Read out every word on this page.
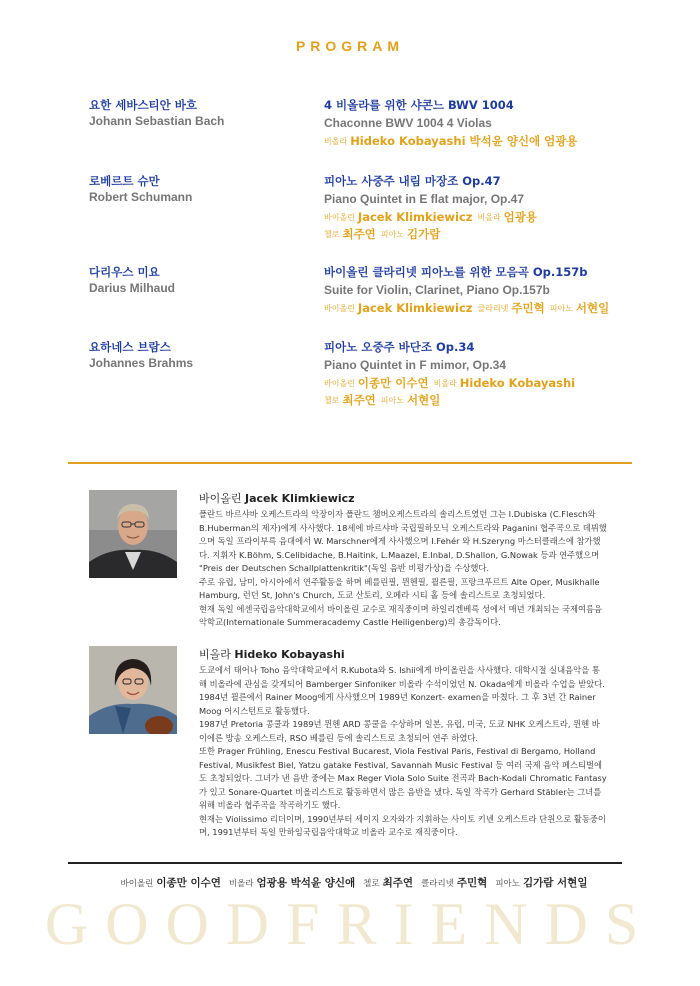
PROGRAM
요한 세바스티안 바흐
Johann Sebastian Bach
4 비올라를 위한 샤콘느 BWV 1004
Chaconne BWV 1004 4 Violas
비올라 Hideko Kobayashi 박석윤 양신애 엄광용
로베르트 슈만
Robert Schumann
피아노 사중주 내림 마장조 Op.47
Piano Quintet in E flat major, Op.47
바이올린 Jacek Klimkiewicz 비올라 엄광용
첼로 최주연 피아노 김가람
다리우스 미요
Darius Milhaud
바이올린 클라리넷 피아노를 위한 모음곡 Op.157b
Suite for Violin, Clarinet, Piano Op.157b
바이올린 Jacek Klimkiewicz 클라리넷 주민혁 피아노 서현일
요하네스 브람스
Johannes Brahms
피아노 오중주 바단조 Op.34
Piano Quintet in F mimor, Op.34
바이올린 이종만 이수연 비올라 Hideko Kobayashi
첼로 최주연 피아노 서현일
바이올린 Jacek Klimkiewicz
폴란드 바르샤바 오케스트라의 악장이자 폴란드 챔버오케스트라의 솔리스트였던 그는 I.Dubiska (C.Flesch와
B.Huberman의 제자)에게 사사했다. 18세에 바르샤바 국립필하모닉 오케스트라와 Paganini 협주곡으로 데뷔했
으며 독일 프라이부륵 음대에서 W. Marschner에게 사사했으며 I.Fehér 와 H.Szeryng 마스터클래스에 참가했
다. 지휘자 K.Böhm, S.Celibidache, B.Haitink, L.Maazel, E.Inbal, D.Shallon, G.Nowak 등과 연주했으며
"Preis der Deutschen Schallplattenkritik"(독일 음반 비평가상)을 수상했다.
주로 유럽, 남미, 아시아에서 연주활동을 하며 베를린필, 뮌헨필, 쾰른필, 프랑크푸르트 Alte Oper, Musikhalle
Hamburg, 런던 St, John's Church, 도쿄 산토리, 오페라 시티 홀 등에 솔리스트로 초청되었다.
현재 독일 에센국립음악대학교에서 바이올린 교수로 재직중이며 하일리겐베륵 성에서 매년 개최되는 국제여름음
악학교(Internationale Summeracademy Castle Heiligenberg)의 총감독이다.
비올라 Hideko Kobayashi
도쿄에서 태어나 Toho 음악대학교에서 R.Kubota와 S. Ishii에게 바이올린을 사사했다. 대학시절 실내음악을 통
해 비올라에 관심을 갖게되어 Bamberger Sinfoniker 비올라 수석이었던 N. Okada에게 비올라 수업을 받았다.
1984년 쾰른에서 Rainer Moog에게 사사했으며 1989년 Konzert- examen을 마쳤다. 그 후 3년 간 Rainer
Moog 어시스턴트로 활동했다.
1987년 Pretoria 콩쿨과 1989년 뮌헨 ARD 콩쿨을 수상하며 일본, 유럽, 미국, 도쿄 NHK 오케스트라, 뮌헨 바
이에른 방송 오케스트라, RSO 베를린 등에 솔리스트로 초청되어 연주 하였다.
또한 Prager Frühling, Enescu Festival Bucarest, Viola Festival Paris, Festival di Bergamo, Holland
Festival, Musikfest Biel, Yatzu gatake Festival, Savannah Music Festival 등 여러 국제 음악 페스티벌에
도 초청되었다. 그녀가 낸 음반 중에는 Max Reger Viola Solo Suite 전곡과 Bach-Kodali Chromatic Fantasy
가 있고 Sonare-Quartet 비올리스트로 활동하면서 많은 음반을 냈다. 독일 작곡가 Gerhard Stäbler는 그녀를
위해 비올라 협주곡을 작곡하기도 했다.
현재는 Violissimo 리더이며, 1990년부터 세이지 오자와가 지휘하는 사이토 키넨 오케스트라 단원으로 활동중이
며, 1991년부터 독일 만하임국립음악대학교 비올라 교수로 재직중이다.
바이올린 이종만 이수연 비올라 엄광용 박석윤 양신애 첼로 최주연 클라리넷 주민혁 피아노 김가람 서현일
GOODFRIENDS
